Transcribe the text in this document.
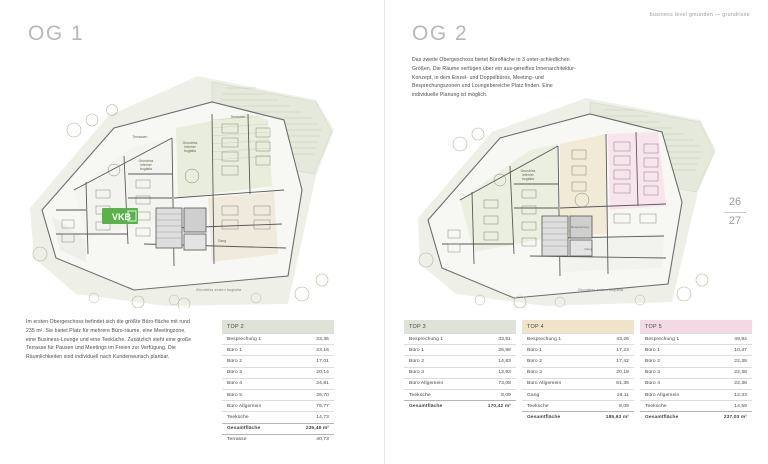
business level gmunden — grundrisse
OG 1	OG 2
Im ersten Obergeschoss befindet sich die größte Büro-fläche mit rund 235 m². Sie bietet Platz für mehrere Büro-räume, eine Meetingzone, eine Business-Lounge und eine Teeküche. Zusätzlich steht eine große Terrasse für Pausen und Meetings im Freien zur Verfügung. Die Räumlichkeiten sind individuell nach Kundenwunsch planbar.
Das zweite Obergeschoss bietet Bürofläche in 3 unter-schiedlichen Größen. Die Räume verfügen über ein aus-gereiftes Innenarchitektur-Konzept, in dem Einzel- und Doppelbüros, Meeting- und Besprechungszonen und Loungebereiche Platz finden. Eine individuelle Planung ist möglich.
26
27
Grundriss
interner
bugtalia
Grundriss
interner
bugtalia
Terrassen
Terrassen
Gang
VKB
Grundriss extern bugtalia
Grundriss
interner
bugtalia
Besprechung
Gang
Grundriss extern bugtalia
TOP 2
Besprechung 1	33,36
Büro 1	23,16
Büro 2	17,01
Büro 3	20,14
Büro 4	24,81
Büro 5	26,70
Büro Allgemein	76,77
Teeküche	14,73
Gesamtfläche	235,48 m²
Terrasse	40,73
TOP 3
Besprechung 1	33,51
Büro 1	26,98
Büro 2	14,83
Büro 3	13,93
Büro Allgemein	73,08
Teeküche	8,09
Gesamtfläche	170,42 m²
TOP 4
Besprechung 1	43,26
Büro 1	17,23
Büro 2	17,42
Büro 3	20,18
Büro Allgemein	61,36
Gang	18,11
Teeküche	8,09
Gesamtfläche	185,63 m²
TOP 5
Besprechung 1	49,94
Büro 1	10,47
Büro 2	22,38
Büro 3	22,38
Büro 4	22,38
Büro Allgemein	12,33
Teeküche	14,59
Gesamtfläche	237,03 m²
